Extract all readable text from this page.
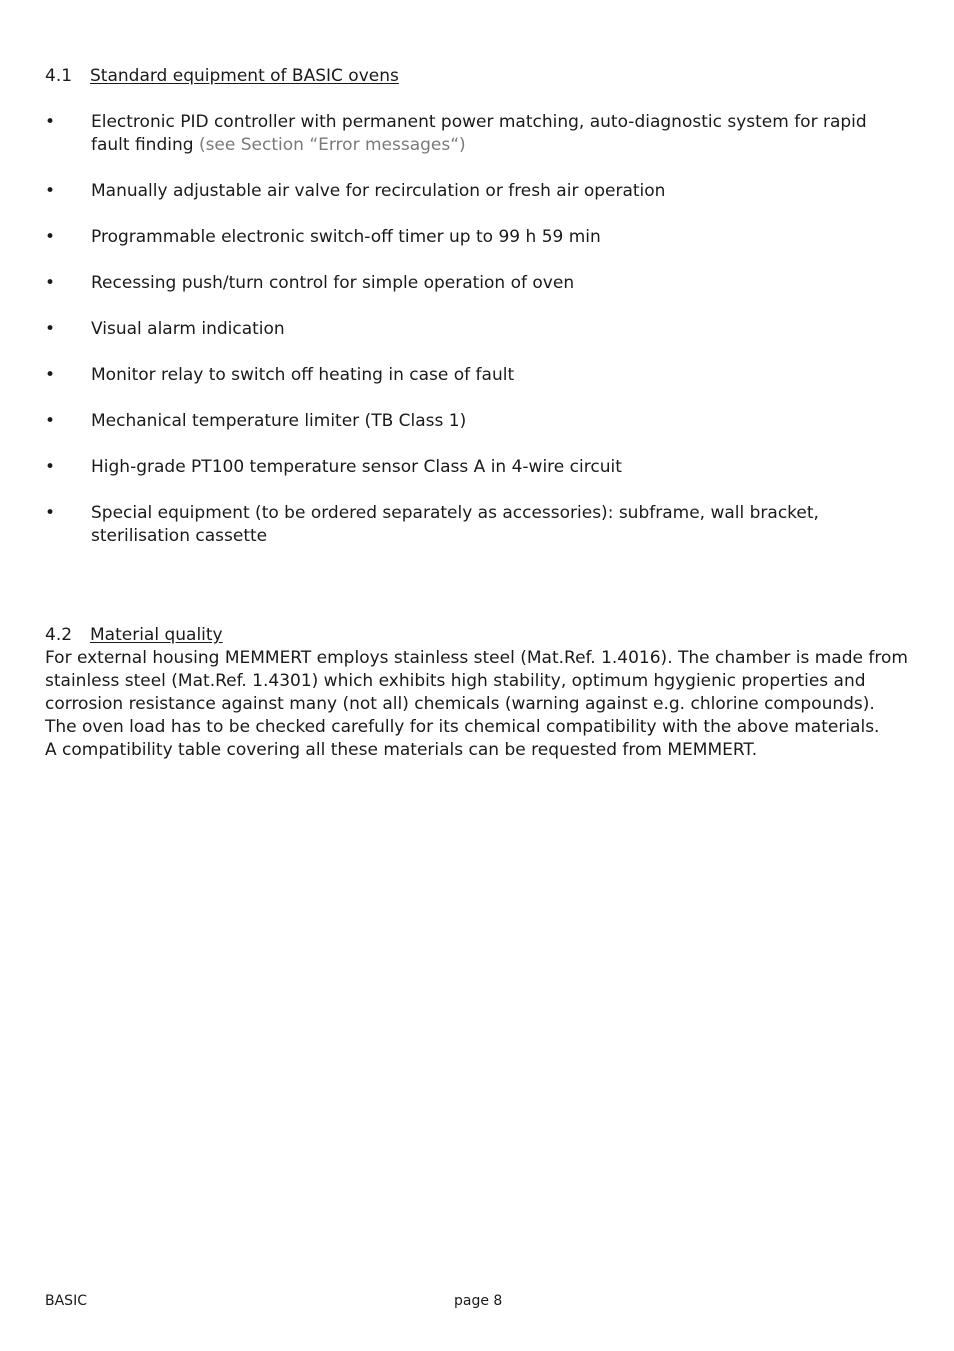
4.1 Standard equipment of BASIC ovens
•	Electronic PID controller with permanent power matching, auto-diagnostic system for rapid fault finding (see Section “Error messages“)
•	Manually adjustable air valve for recirculation or fresh air operation
•	Programmable electronic switch-off timer up to 99 h 59 min
•	Recessing push/turn control for simple operation of oven
•	Visual alarm indication
•	Monitor relay to switch off heating in case of fault
•	Mechanical temperature limiter (TB Class 1)
•	High-grade PT100 temperature sensor Class A in 4-wire circuit
•	Special equipment (to be ordered separately as accessories): subframe, wall bracket, sterilisation cassette
4.2 Material quality

For external housing MEMMERT employs stainless steel (Mat.Ref. 1.4016). The chamber is made from stainless steel (Mat.Ref. 1.4301) which exhibits high stability, optimum hgygienic properties and corrosion resistance against many (not all) chemicals (warning against e.g. chlorine compounds).

The oven load has to be checked carefully for its chemical compatibility with the above materials.

A compatibility table covering all these materials can be requested from MEMMERT.

BASIC	page 8
